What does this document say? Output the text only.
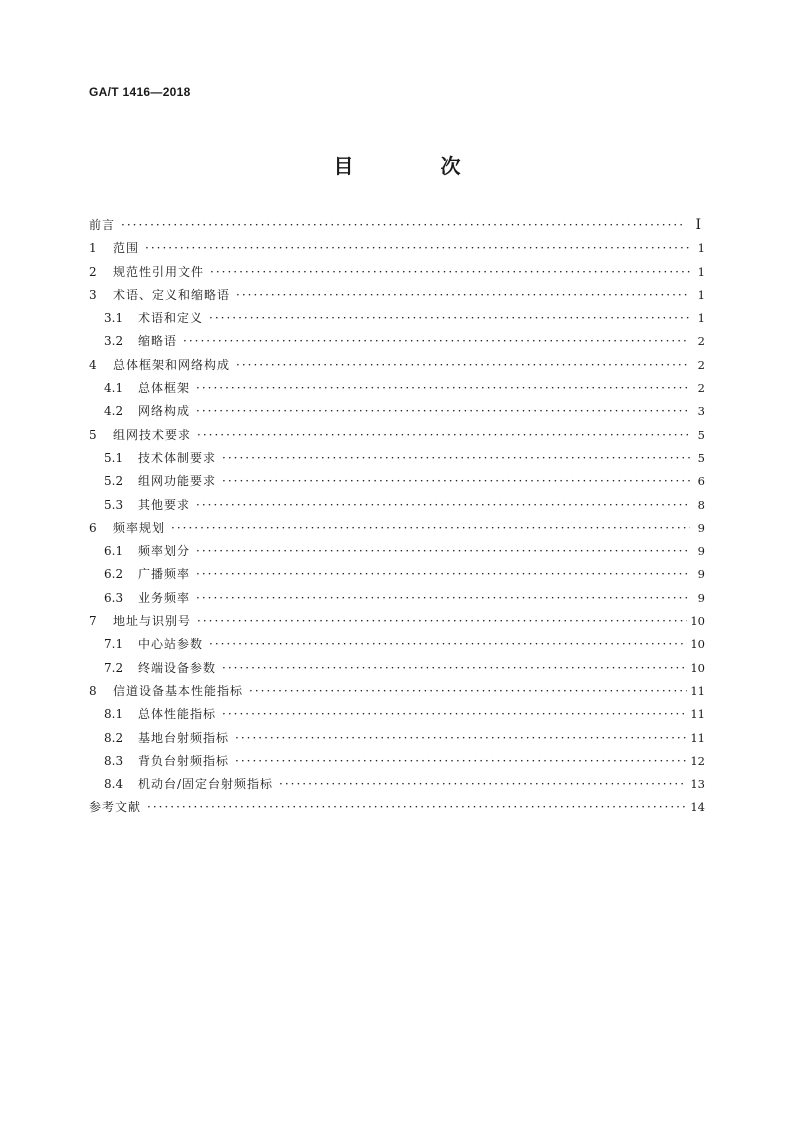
GA/T 1416—2018
目 次
前言 ·····	I
1	范围 ·····	1
2	规范性引用文件 ·····	1
3	术语、定义和缩略语 ·····	1
3.1	术语和定义 ·····	1
3.2	缩略语 ·····	2
4	总体框架和网络构成 ·····	2
4.1	总体框架 ·····	2
4.2	网络构成 ·····	3
5	组网技术要求 ·····	5
5.1	技术体制要求 ·····	5
5.2	组网功能要求 ·····	6
5.3	其他要求 ·····	8
6	频率规划 ·····	9
6.1	频率划分 ·····	9
6.2	广播频率 ·····	9
6.3	业务频率 ·····	9
7	地址与识别号 ·····	10
7.1	中心站参数 ·····	10
7.2	终端设备参数 ·····	10
8	信道设备基本性能指标 ·····	11
8.1	总体性能指标 ·····	11
8.2	基地台射频指标 ·····	11
8.3	背负台射频指标 ·····	12
8.4	机动台/固定台射频指标 ·····	13
参考文献 ·····	14
